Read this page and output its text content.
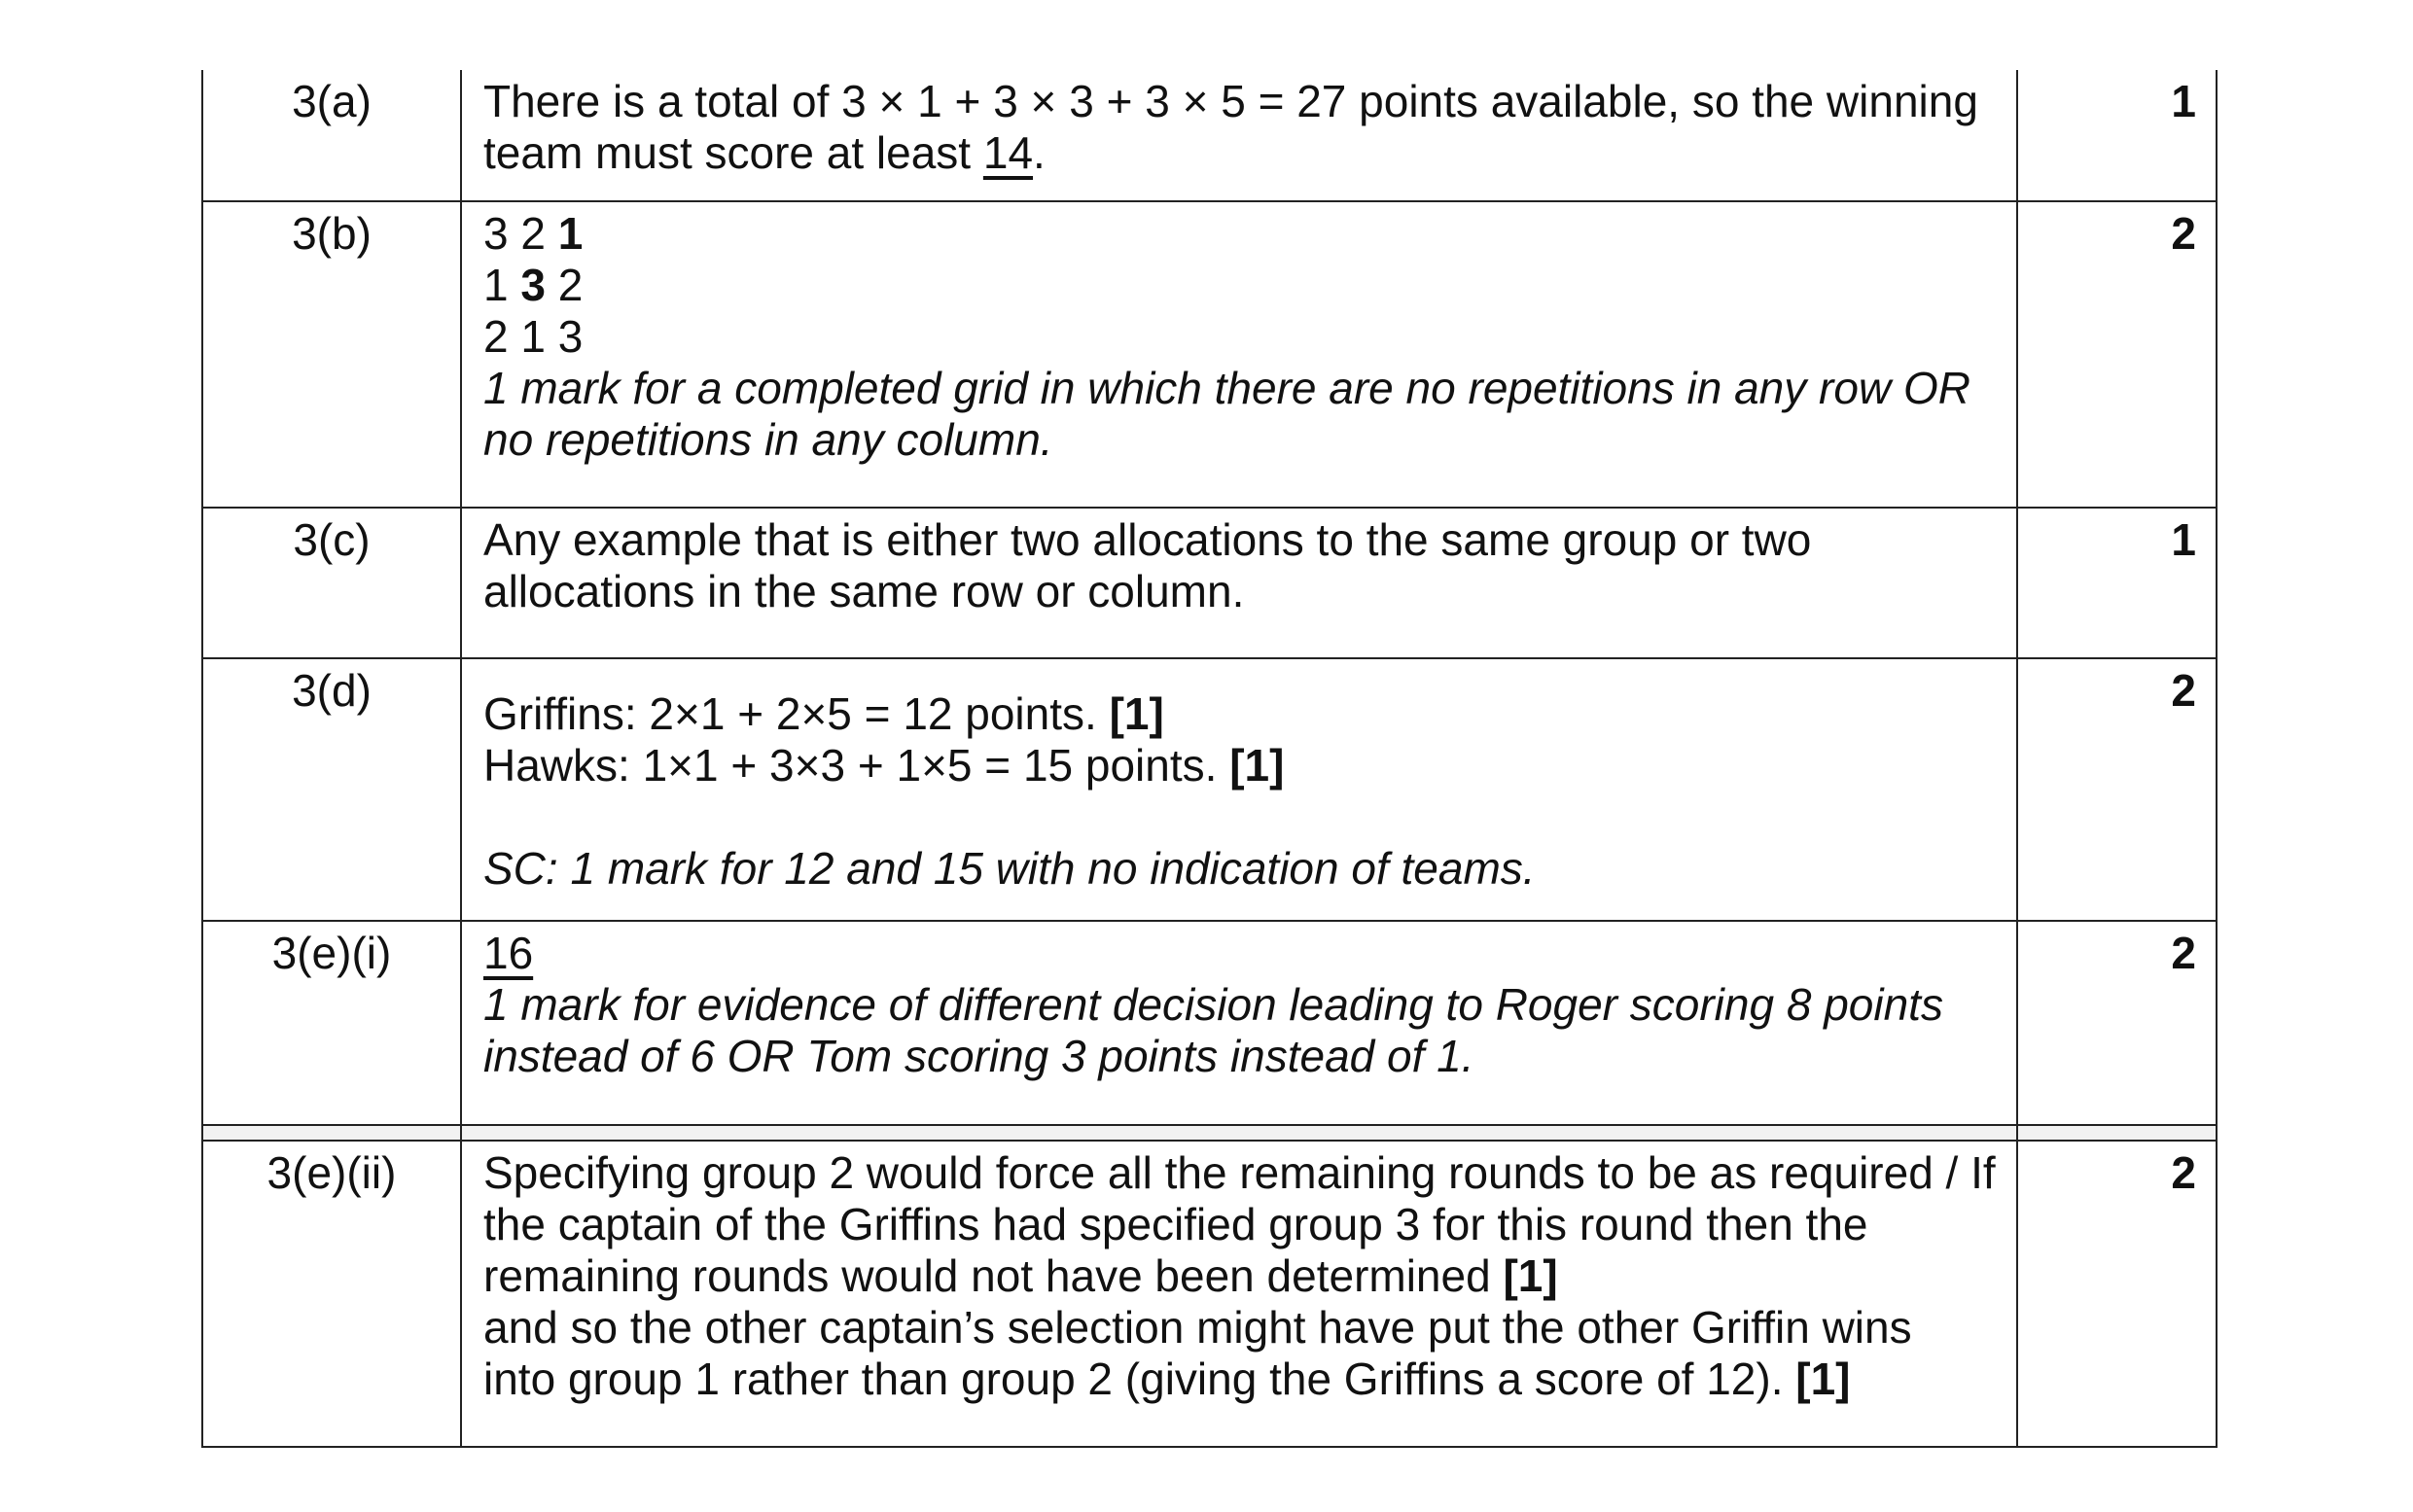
3(a)	There is a total of 3 × 1 + 3 × 3 + 3 × 5 = 27 points available, so the winning
team must score at least 14.	1
3(b)	3 2 1
1 3 2
2 1 3
1 mark for a completed grid in which there are no repetitions in any row OR
no repetitions in any column.	2
3(c)	Any example that is either two allocations to the same group or two
allocations in the same row or column.	1
3(d)	Griffins: 2×1 + 2×5 = 12 points. [1]
Hawks: 1×1 + 3×3 + 1×5 = 15 points. [1]
SC: 1 mark for 12 and 15 with no indication of teams.	2
3(e)(i)	16
1 mark for evidence of different decision leading to Roger scoring 8 points
instead of 6 OR Tom scoring 3 points instead of 1.	2

3(e)(ii)	Specifying group 2 would force all the remaining rounds to be as required / If
the captain of the Griffins had specified group 3 for this round then the
remaining rounds would not have been determined [1]
and so the other captain’s selection might have put the other Griffin wins
into group 1 rather than group 2 (giving the Griffins a score of 12). [1]	2
